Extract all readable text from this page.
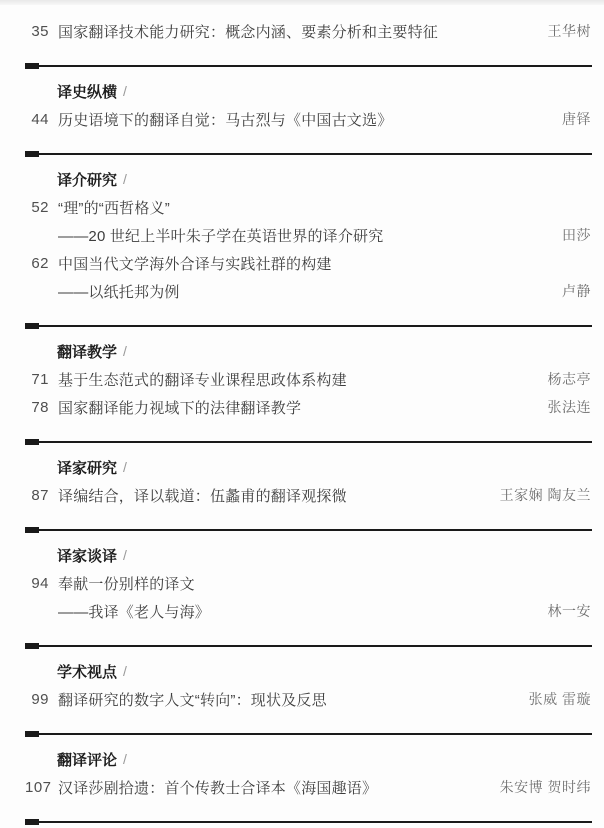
35 国家翻译技术能力研究：概念内涵、要素分析和主要特征	王华树
译史纵横 /
44 历史语境下的翻译自觉：马古烈与《中国古文选》	唐铎
译介研究 /
52 “理”的“西哲格义”
——20 世纪上半叶朱子学在英语世界的译介研究	田莎
62 中国当代文学海外合译与实践社群的构建
——以纸托邦为例	卢静
翻译教学 /
71 基于生态范式的翻译专业课程思政体系构建	杨志亭
78 国家翻译能力视域下的法律翻译教学	张法连
译家研究 /
87 译编结合，译以载道：伍蠡甫的翻译观探微	王家娴 陶友兰
译家谈译 /
94 奉献一份别样的译文
——我译《老人与海》	林一安
学术视点 /
99 翻译研究的数字人文“转向”：现状及反思	张威 雷璇
翻译评论 /
107 汉译莎剧拾遗：首个传教士合译本《海国趣语》	朱安博 贺时纬
